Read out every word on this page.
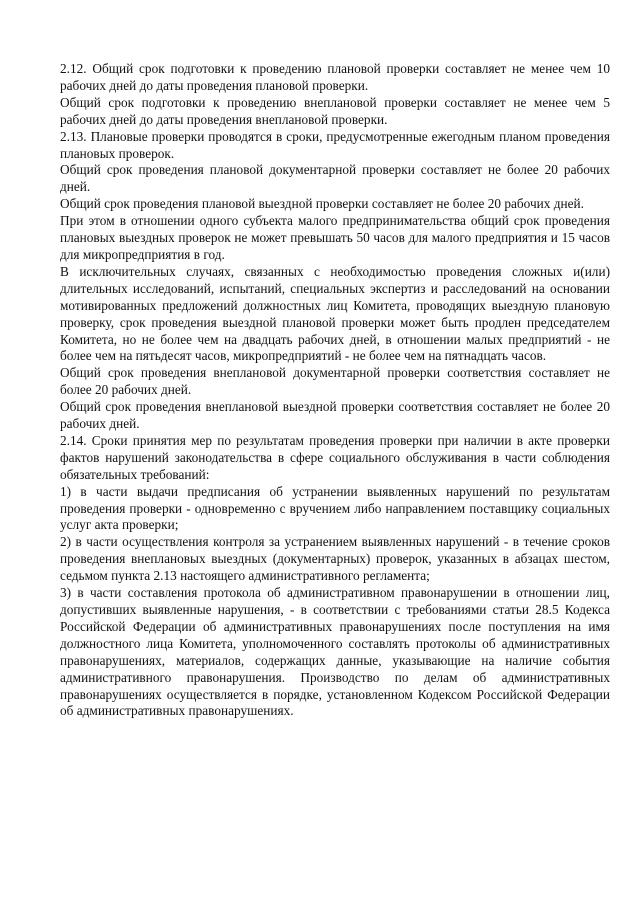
2.12. Общий срок подготовки к проведению плановой проверки составляет не менее чем 10 рабочих дней до даты проведения плановой проверки.

Общий срок подготовки к проведению внеплановой проверки составляет не менее чем 5 рабочих дней до даты проведения внеплановой проверки.

2.13. Плановые проверки проводятся в сроки, предусмотренные ежегодным планом проведения плановых проверок.

Общий срок проведения плановой документарной проверки составляет не более 20 рабочих дней.

Общий срок проведения плановой выездной проверки составляет не более 20 рабочих дней.

При этом в отношении одного субъекта малого предпринимательства общий срок проведения плановых выездных проверок не может превышать 50 часов для малого предприятия и 15 часов для микропредприятия в год.

В исключительных случаях, связанных с необходимостью проведения сложных и(или) длительных исследований, испытаний, специальных экспертиз и расследований на основании мотивированных предложений должностных лиц Комитета, проводящих выездную плановую проверку, срок проведения выездной плановой проверки может быть продлен председателем Комитета, но не более чем на двадцать рабочих дней, в отношении малых предприятий - не более чем на пятьдесят часов, микропредприятий - не более чем на пятнадцать часов.

Общий срок проведения внеплановой документарной проверки соответствия составляет не более 20 рабочих дней.

Общий срок проведения внеплановой выездной проверки соответствия составляет не более 20 рабочих дней.

2.14. Сроки принятия мер по результатам проведения проверки при наличии в акте проверки фактов нарушений законодательства в сфере социального обслуживания в части соблюдения обязательных требований:

1) в части выдачи предписания об устранении выявленных нарушений по результатам проведения проверки - одновременно с вручением либо направлением поставщику социальных услуг акта проверки;

2) в части осуществления контроля за устранением выявленных нарушений - в течение сроков проведения внеплановых выездных (документарных) проверок, указанных в абзацах шестом, седьмом пункта 2.13 настоящего административного регламента;

3) в части составления протокола об административном правонарушении в отношении лиц, допустивших выявленные нарушения, - в соответствии с требованиями статьи 28.5 Кодекса Российской Федерации об административных правонарушениях после поступления на имя должностного лица Комитета, уполномоченного составлять протоколы об административных правонарушениях, материалов, содержащих данные, указывающие на наличие события административного правонарушения. Производство по делам об административных правонарушениях осуществляется в порядке, установленном Кодексом Российской Федерации об административных правонарушениях.
